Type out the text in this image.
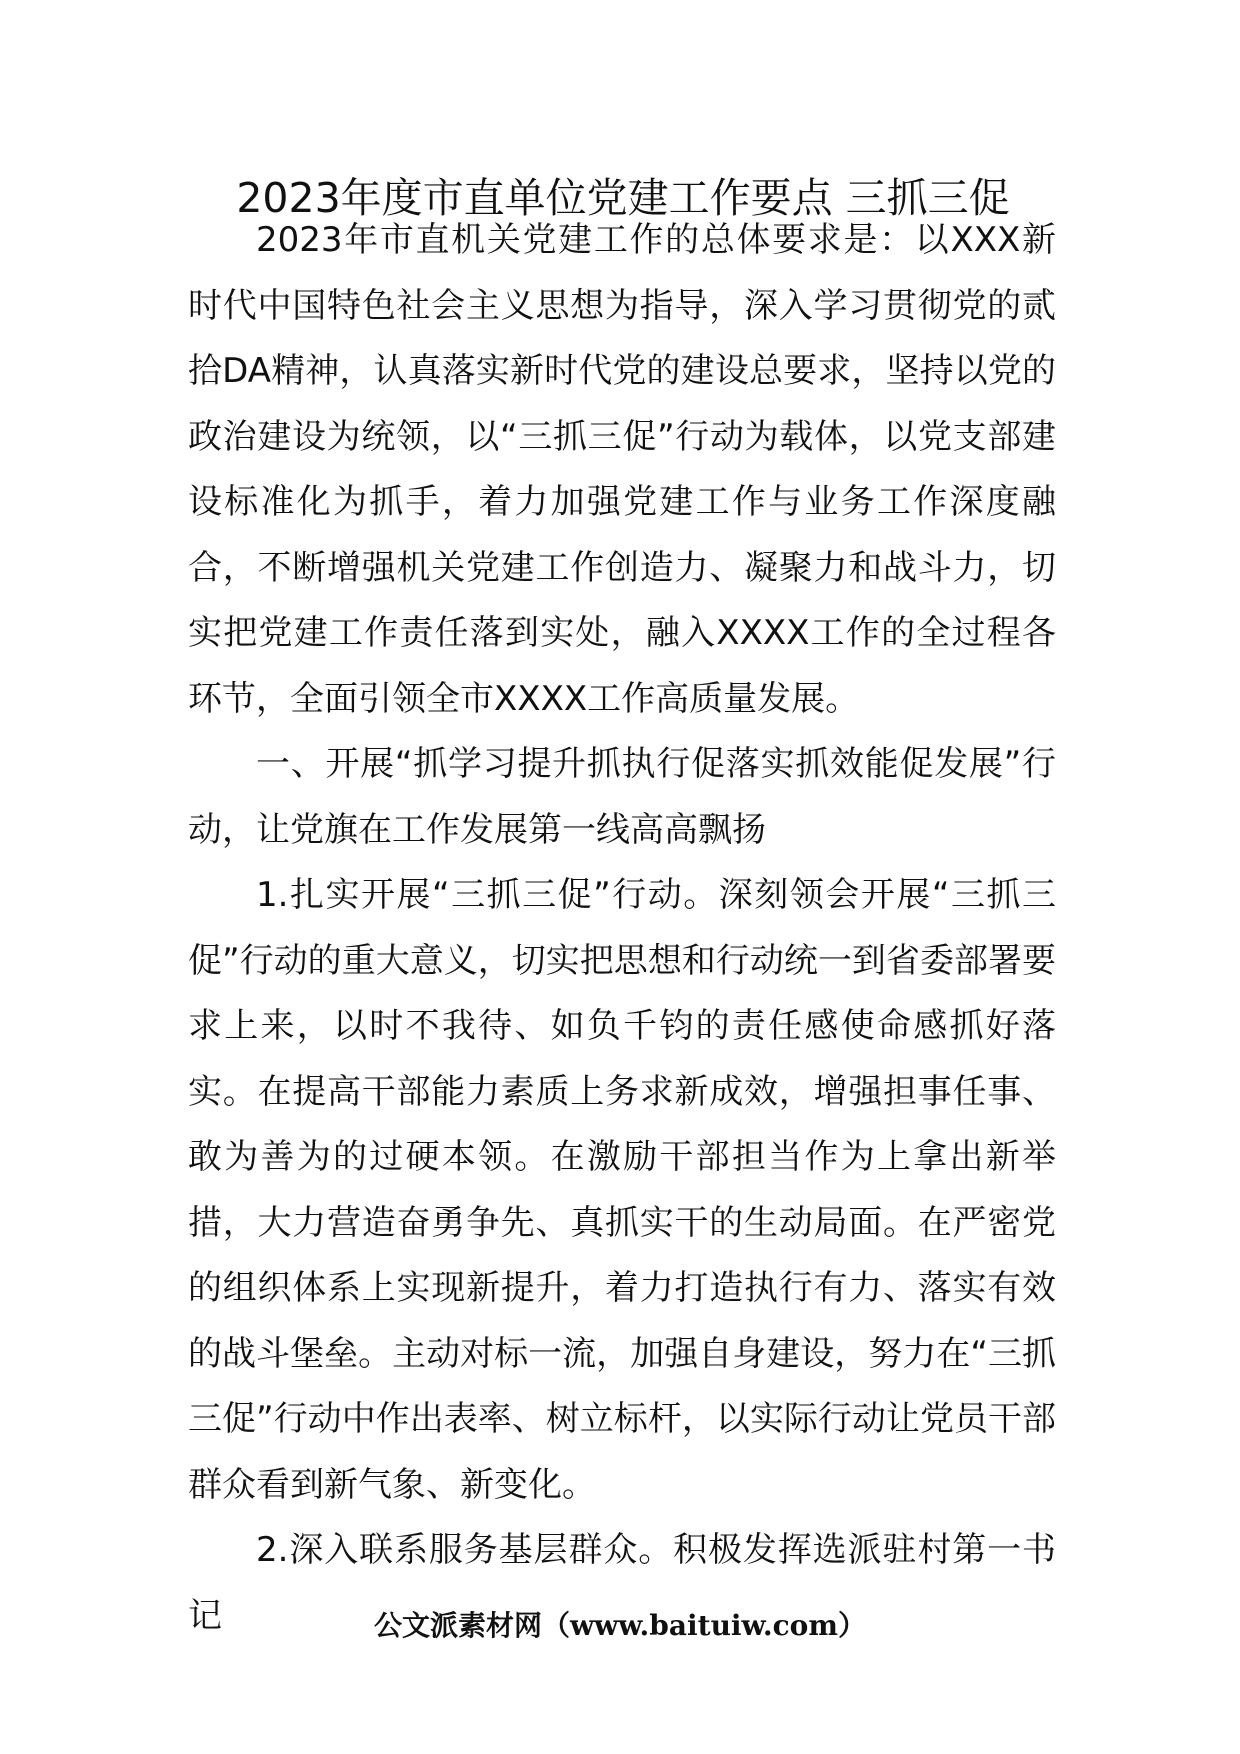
2023年度市直单位党建工作要点 三抓三促

2023年市直机关党建工作的总体要求是：以XXX新时代中国特色社会主义思想为指导，深入学习贯彻党的贰拾DA精神，认真落实新时代党的建设总要求，坚持以党的政治建设为统领，以“三抓三促”行动为载体，以党支部建设标准化为抓手，着力加强党建工作与业务工作深度融合，不断增强机关党建工作创造力、凝聚力和战斗力，切实把党建工作责任落到实处，融入XXXX工作的全过程各环节，全面引领全市XXXX工作高质量发展。

一、开展“抓学习提升抓执行促落实抓效能促发展”行动，让党旗在工作发展第一线高高飘扬

1.扎实开展“三抓三促”行动。深刻领会开展“三抓三促”行动的重大意义，切实把思想和行动统一到省委部署要求上来，以时不我待、如负千钧的责任感使命感抓好落实。在提高干部能力素质上务求新成效，增强担事任事、敢为善为的过硬本领。在激励干部担当作为上拿出新举措，大力营造奋勇争先、真抓实干的生动局面。在严密党的组织体系上实现新提升，着力打造执行有力、落实有效的战斗堡垒。主动对标一流，加强自身建设，努力在“三抓三促”行动中作出表率、树立标杆，以实际行动让党员干部群众看到新气象、新变化。

2.深入联系服务基层群众。积极发挥选派驻村第一书记	公文派素材网（www.baituiw.com）
